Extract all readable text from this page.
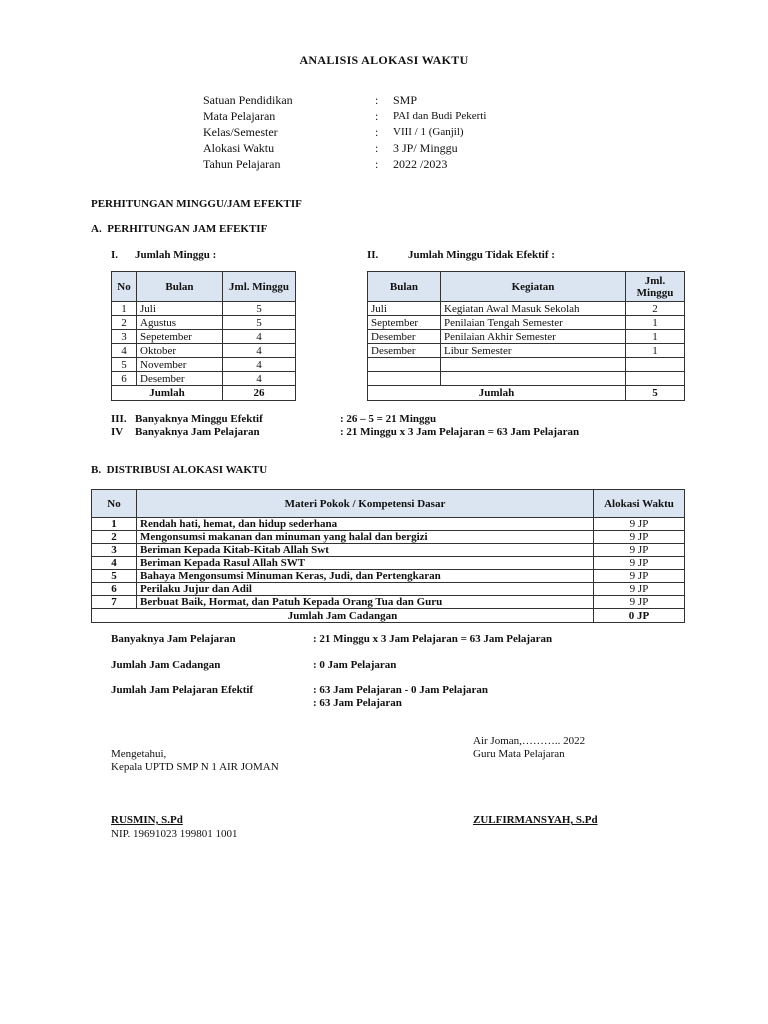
ANALISIS ALOKASI WAKTU
Satuan Pendidikan	:	SMP
Mata Pelajaran	:	PAI dan Budi Pekerti
Kelas/Semester	:	VIII / 1 (Ganjil)
Alokasi Waktu	:	3 JP/ Minggu
Tahun Pelajaran	:	2022 /2023
PERHITUNGAN MINGGU/JAM EFEKTIF
A.  PERHITUNGAN JAM EFEKTIF
I. Jumlah Minggu :	II.	Jumlah Minggu Tidak Efektif :
No	Bulan	Jml. Minggu
1	Juli	5
2	Agustus	5
3	Sepetember	4
4	Oktober	4
5	November	4
6	Desember	4
Jumlah		26
Bulan	Kegiatan	Jml. Minggu
Juli	Kegiatan Awal Masuk Sekolah	2
September	Penilaian Tengah Semester	1
Desember	Penilaian Akhir Semester	1
Desember	Libur Semester	1

Jumlah		5
III. Banyaknya Minggu Efektif	: 26 – 5 = 21 Minggu
IV Banyaknya Jam Pelajaran	: 21 Minggu x 3 Jam Pelajaran = 63 Jam Pelajaran
B.  DISTRIBUSI ALOKASI WAKTU
No	Materi Pokok / Kompetensi Dasar	Alokasi Waktu
1	Rendah hati, hemat, dan hidup sederhana	9 JP
2	Mengonsumsi makanan dan minuman yang halal dan bergizi	9 JP
3	Beriman Kepada Kitab-Kitab Allah Swt	9 JP
4	Beriman Kepada Rasul Allah SWT	9 JP
5	Bahaya Mengonsumsi Minuman Keras, Judi, dan Pertengkaran	9 JP
6	Perilaku Jujur dan Adil	9 JP
7	Berbuat Baik, Hormat, dan Patuh Kepada Orang Tua dan Guru	9 JP
Jumlah Jam Cadangan		0 JP
Banyaknya Jam Pelajaran	: 21 Minggu x 3 Jam Pelajaran = 63 Jam Pelajaran
Jumlah Jam Cadangan	: 0 Jam Pelajaran
Jumlah Jam Pelajaran Efektif	: 63 Jam Pelajaran - 0 Jam Pelajaran
: 63 Jam Pelajaran
Air Joman,……….. 2022
Guru Mata Pelajaran
Mengetahui,
Kepala UPTD SMP N 1 AIR JOMAN
RUSMIN, S.Pd
NIP. 19691023 199801 1001
ZULFIRMANSYAH, S.Pd
